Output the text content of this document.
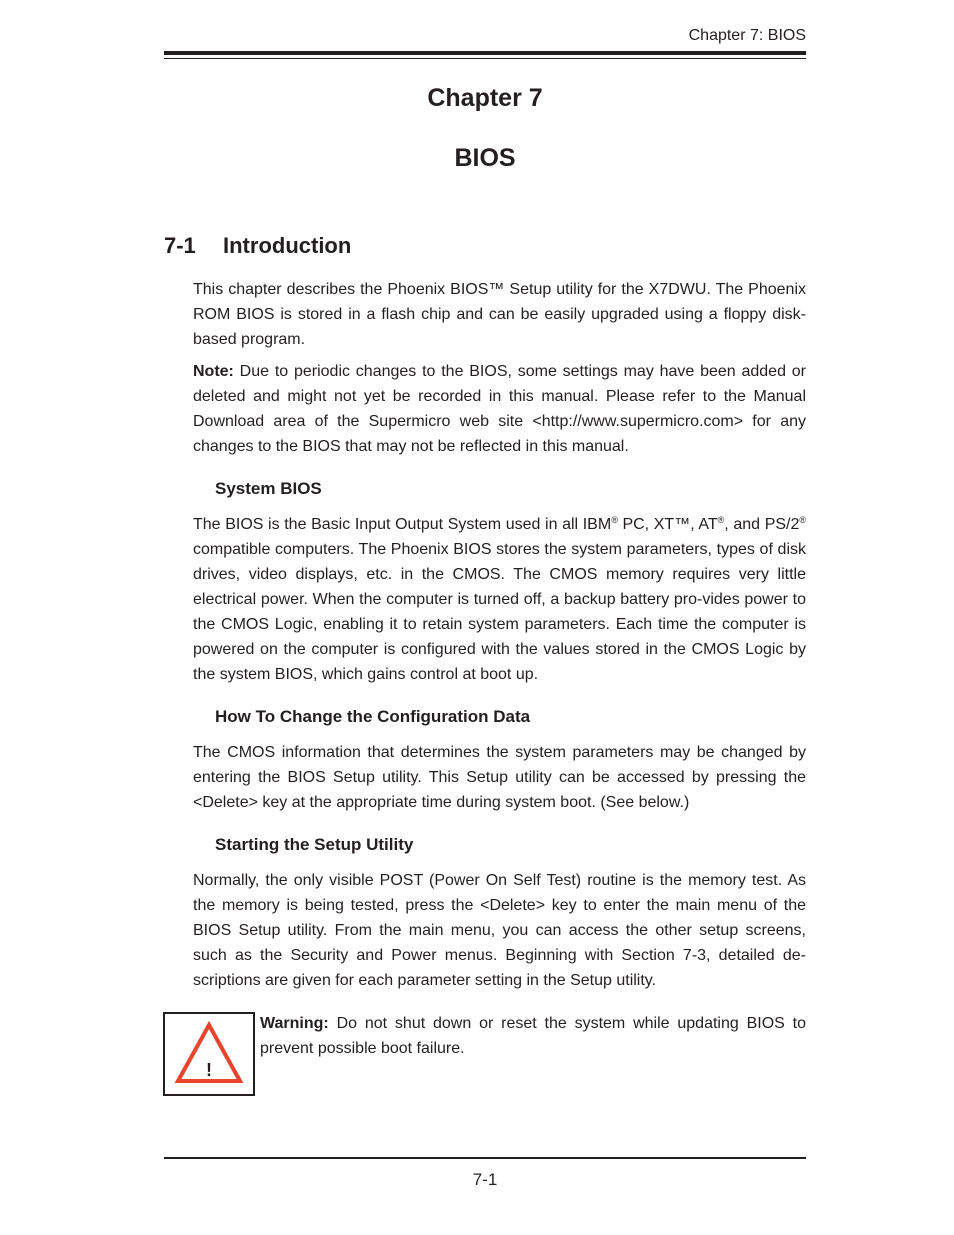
Chapter 7: BIOS
Chapter 7
BIOS
7-1 Introduction

This chapter describes the Phoenix BIOS™ Setup utility for the X7DWU. The Phoenix ROM BIOS is stored in a flash chip and can be easily upgraded using a floppy disk-based program.

Note: Due to periodic changes to the BIOS, some settings may have been added or deleted and might not yet be recorded in this manual. Please refer to the Manual Download area of the Supermicro web site <http://www.supermicro.com> for any changes to the BIOS that may not be reflected in this manual.

System BIOS

The BIOS is the Basic Input Output System used in all IBM® PC, XT™, AT®, and PS/2® compatible computers. The Phoenix BIOS stores the system parameters, types of disk drives, video displays, etc. in the CMOS. The CMOS memory requires very little electrical power. When the computer is turned off, a backup battery pro-vides power to the CMOS Logic, enabling it to retain system parameters. Each time the computer is powered on the computer is configured with the values stored in the CMOS Logic by the system BIOS, which gains control at boot up.

How To Change the Configuration Data

The CMOS information that determines the system parameters may be changed by entering the BIOS Setup utility. This Setup utility can be accessed by pressing the <Delete> key at the appropriate time during system boot. (See below.)

Starting the Setup Utility

Normally, the only visible POST (Power On Self Test) routine is the memory test. As the memory is being tested, press the <Delete> key to enter the main menu of the BIOS Setup utility. From the main menu, you can access the other setup screens, such as the Security and Power menus. Beginning with Section 7-3, detailed de-scriptions are given for each parameter setting in the Setup utility.

!

Warning: Do not shut down or reset the system while updating BIOS to prevent possible boot failure.

7-1
